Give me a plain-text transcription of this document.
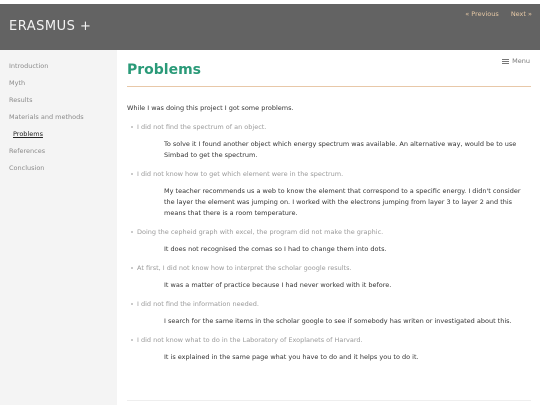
ERASMUS +
« Previous Next »
Introduction
Myth
Results
Materials and methods
Problems
References
Conclusion
Menu
Problems

While I was doing this project I got some problems.

I did not find the spectrum of an object.
To solve it I found another object which energy spectrum was available. An alternative way, would be to use Simbad to get the spectrum.
I did not know how to get which element were in the spectrum.
My teacher recommends us a web to know the element that correspond to a specific energy. I didn't consider the layer the element was jumping on. I worked with the electrons jumping from layer 3 to layer 2 and this means that there is a room temperature.
Doing the cepheid graph with excel, the program did not make the graphic.
It does not recognised the comas so I had to change them into dots.
At first, I did not know how to interpret the scholar google results.
It was a matter of practice because I had never worked with it before.
I did not find the information needed.
I search for the same items in the scholar google to see if somebody has writen or investigated about this.
I did not know what to do in the Laboratory of Exoplanets of Harvard.
It is explained in the same page what you have to do and it helps you to do it.
